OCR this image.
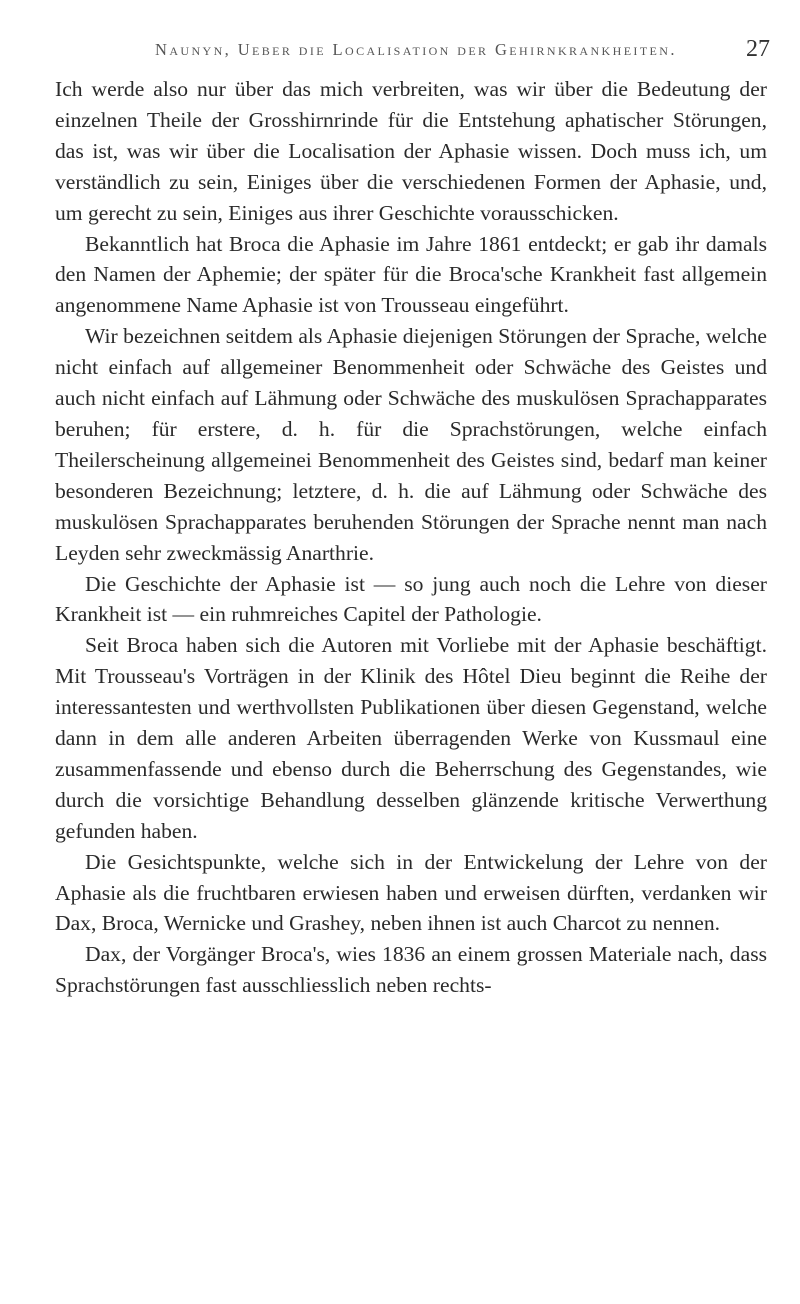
Naunyn, Ueber die Localisation der Gehirnkrankheiten.	27

Ich werde also nur über das mich verbreiten, was wir über die Bedeutung der einzelnen Theile der Grosshirnrinde für die Entstehung aphatischer Störungen, das ist, was wir über die Localisation der Aphasie wissen. Doch muss ich, um verständlich zu sein, Einiges über die verschiedenen Formen der Aphasie, und, um gerecht zu sein, Einiges aus ihrer Geschichte vorausschicken.

Bekanntlich hat Broca die Aphasie im Jahre 1861 entdeckt; er gab ihr damals den Namen der Aphemie; der später für die Broca'sche Krankheit fast allgemein angenommene Name Aphasie ist von Trousseau eingeführt.

Wir bezeichnen seitdem als Aphasie diejenigen Störungen der Sprache, welche nicht einfach auf allgemeiner Benommenheit oder Schwäche des Geistes und auch nicht einfach auf Lähmung oder Schwäche des muskulösen Sprachapparates beruhen; für erstere, d. h. für die Sprachstörungen, welche einfach Theilerscheinung allgemeinei Benommenheit des Geistes sind, bedarf man keiner besonderen Bezeichnung; letztere, d. h. die auf Lähmung oder Schwäche des muskulösen Sprachapparates beruhenden Störungen der Sprache nennt man nach Leyden sehr zweckmässig Anarthrie.

Die Geschichte der Aphasie ist — so jung auch noch die Lehre von dieser Krankheit ist — ein ruhmreiches Capitel der Pathologie.

Seit Broca haben sich die Autoren mit Vorliebe mit der Aphasie beschäftigt. Mit Trousseau's Vorträgen in der Klinik des Hôtel Dieu beginnt die Reihe der interessantesten und werthvollsten Publikationen über diesen Gegenstand, welche dann in dem alle anderen Arbeiten überragenden Werke von Kussmaul eine zusammenfassende und ebenso durch die Beherrschung des Gegenstandes, wie durch die vorsichtige Behandlung desselben glänzende kritische Verwerthung gefunden haben.

Die Gesichtspunkte, welche sich in der Entwickelung der Lehre von der Aphasie als die fruchtbaren erwiesen haben und erweisen dürften, verdanken wir Dax, Broca, Wernicke und Grashey, neben ihnen ist auch Charcot zu nennen.

Dax, der Vorgänger Broca's, wies 1836 an einem grossen Materiale nach, dass Sprachstörungen fast ausschliesslich neben rechts-
